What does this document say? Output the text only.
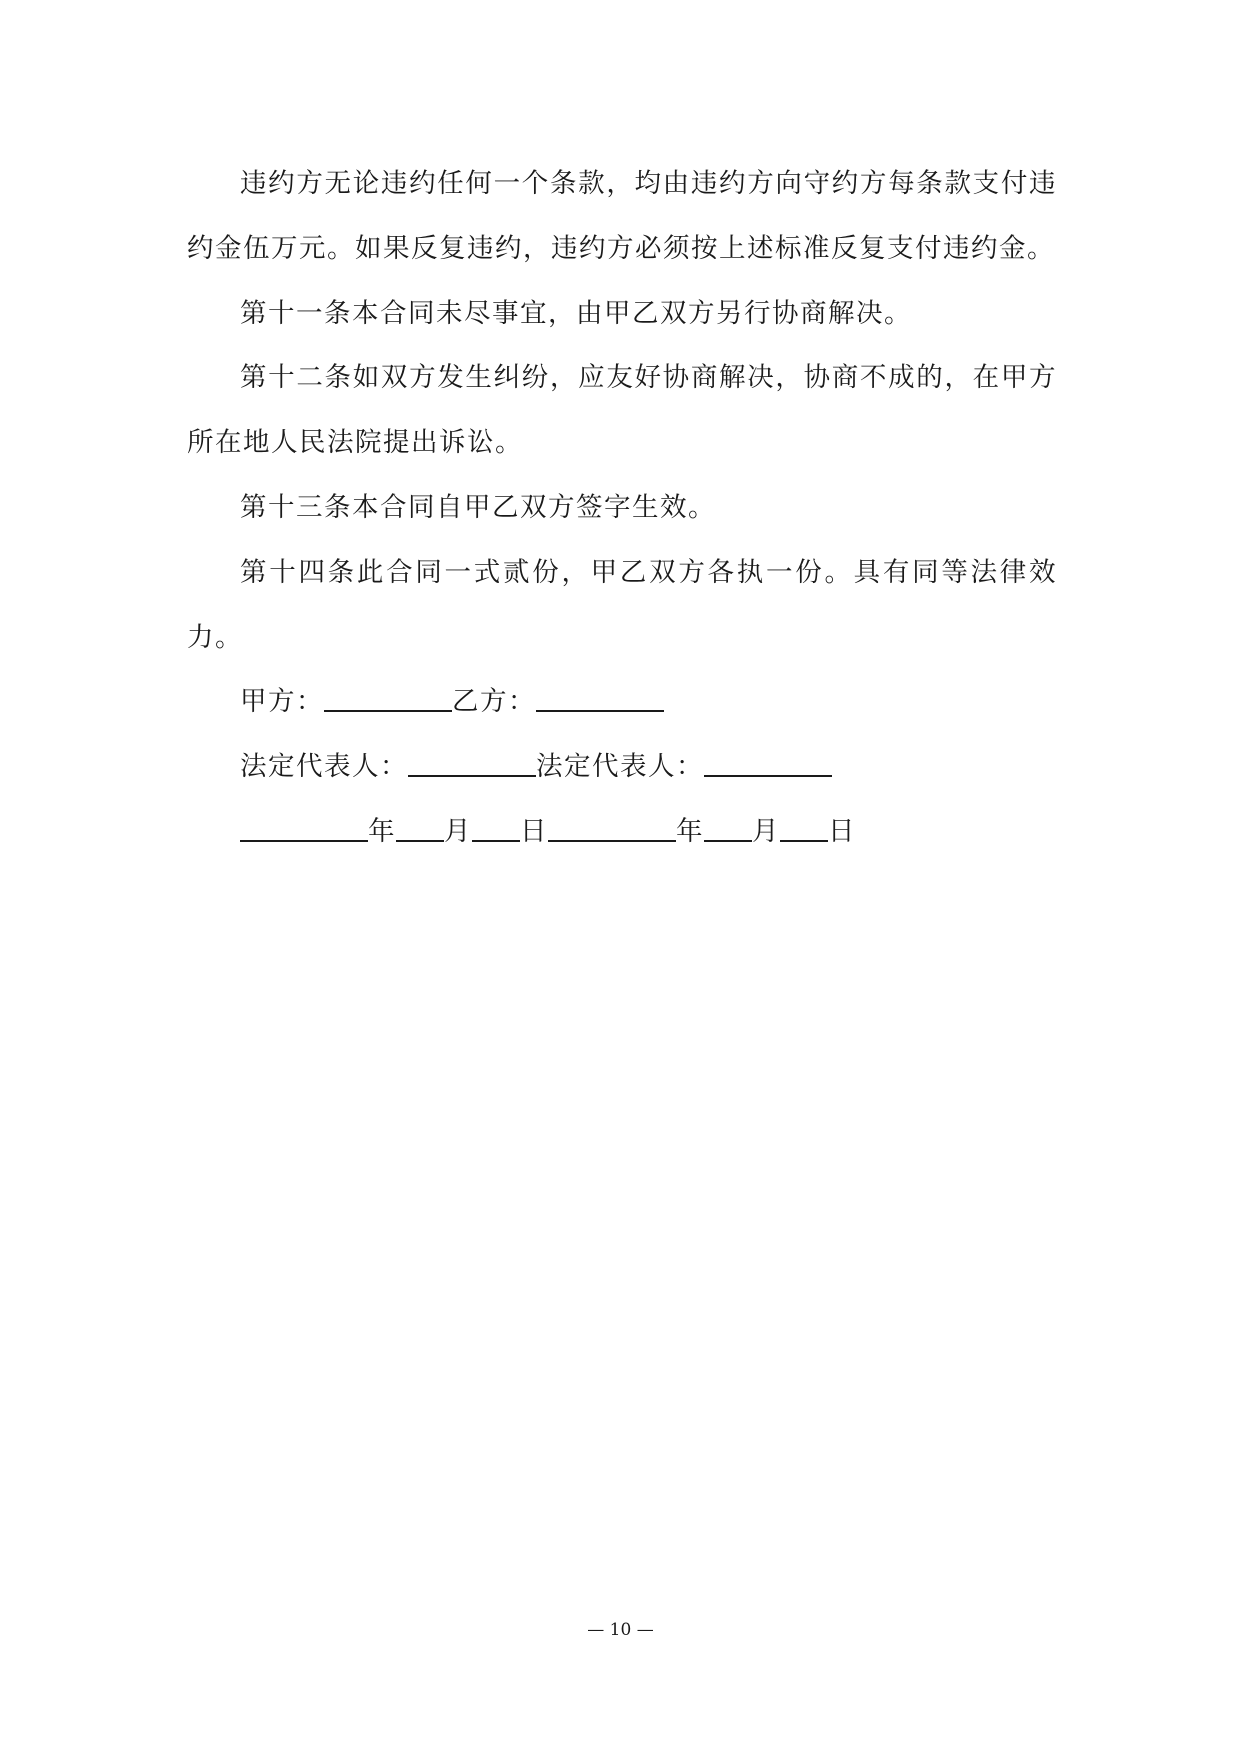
违约方无论违约任何一个条款，均由违约方向守约方每条款支付违约金伍万元。如果反复违约，违约方必须按上述标准反复支付违约金。

第十一条本合同未尽事宜，由甲乙双方另行协商解决。

第十二条如双方发生纠纷，应友好协商解决，协商不成的，在甲方所在地人民法院提出诉讼。

第十三条本合同自甲乙双方签字生效。

第十四条此合同一式贰份，甲乙双方各执一份。具有同等法律效力。

甲方：	乙方：

法定代表人：	法定代表人：

年 月 日	年 月 日

— 10 —
